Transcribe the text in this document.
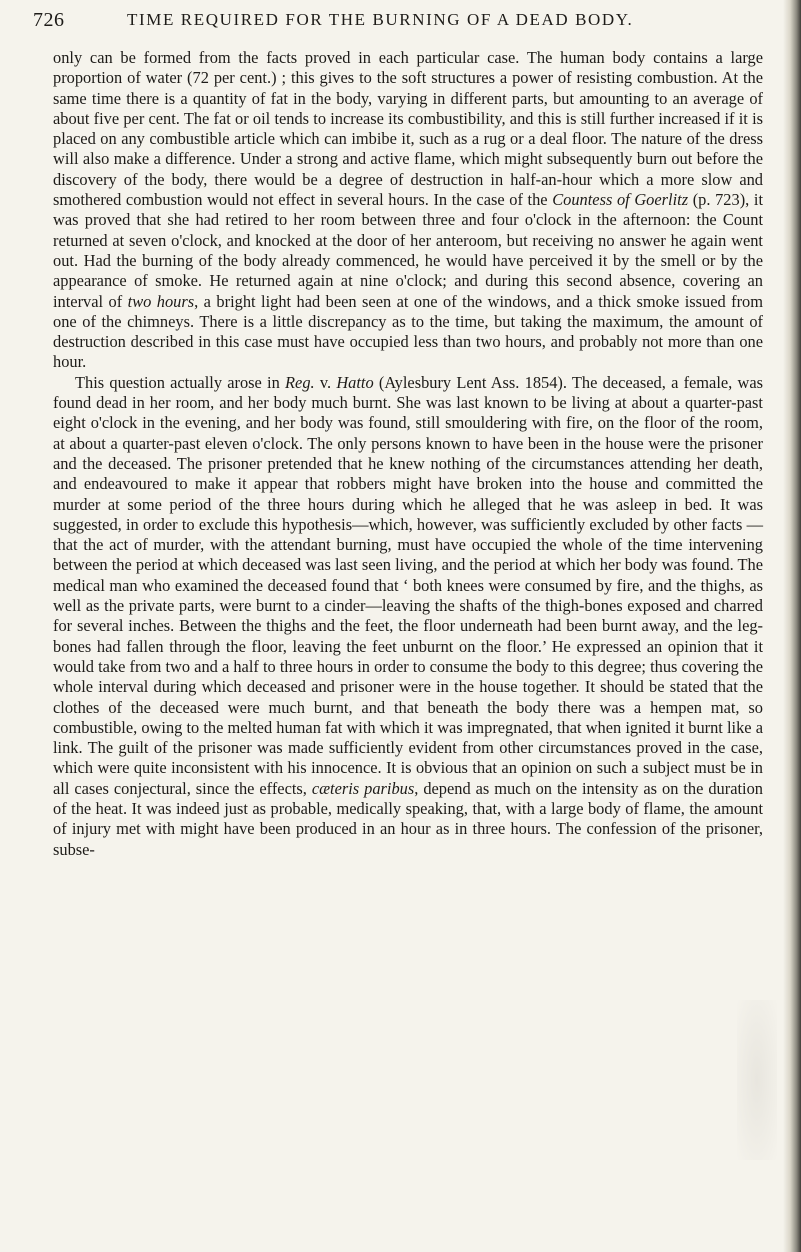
726	TIME REQUIRED FOR THE BURNING OF A DEAD BODY.

only can be formed from the facts proved in each particular case. The human body contains a large proportion of water (72 per cent.) ; this gives to the soft structures a power of resisting combustion. At the same time there is a quantity of fat in the body, varying in different parts, but amounting to an average of about five per cent. The fat or oil tends to increase its combustibility, and this is still further increased if it is placed on any combustible article which can imbibe it, such as a rug or a deal floor. The nature of the dress will also make a difference. Under a strong and active flame, which might subsequently burn out before the discovery of the body, there would be a degree of destruction in half-an-hour which a more slow and smothered combustion would not effect in several hours. In the case of the Countess of Goerlitz (p. 723), it was proved that she had retired to her room between three and four o'clock in the afternoon: the Count returned at seven o'clock, and knocked at the door of her anteroom, but receiving no answer he again went out. Had the burning of the body already commenced, he would have perceived it by the smell or by the appearance of smoke. He returned again at nine o'clock; and during this second absence, covering an interval of two hours, a bright light had been seen at one of the windows, and a thick smoke issued from one of the chimneys. There is a little discrepancy as to the time, but taking the maximum, the amount of destruction described in this case must have occupied less than two hours, and probably not more than one hour.

This question actually arose in Reg. v. Hatto (Aylesbury Lent Ass. 1854). The deceased, a female, was found dead in her room, and her body much burnt. She was last known to be living at about a quarter-past eight o'clock in the evening, and her body was found, still smouldering with fire, on the floor of the room, at about a quarter-past eleven o'clock. The only persons known to have been in the house were the prisoner and the deceased. The prisoner pretended that he knew nothing of the circumstances attending her death, and endeavoured to make it appear that robbers might have broken into the house and committed the murder at some period of the three hours during which he alleged that he was asleep in bed. It was suggested, in order to exclude this hypothesis—which, however, was sufficiently excluded by other facts —that the act of murder, with the attendant burning, must have occupied the whole of the time intervening between the period at which deceased was last seen living, and the period at which her body was found. The medical man who examined the deceased found that ‘ both knees were consumed by fire, and the thighs, as well as the private parts, were burnt to a cinder—leaving the shafts of the thigh-bones exposed and charred for several inches. Between the thighs and the feet, the floor underneath had been burnt away, and the leg-bones had fallen through the floor, leaving the feet unburnt on the floor.’ He expressed an opinion that it would take from two and a half to three hours in order to consume the body to this degree; thus covering the whole interval during which deceased and prisoner were in the house together. It should be stated that the clothes of the deceased were much burnt, and that beneath the body there was a hempen mat, so combustible, owing to the melted human fat with which it was impregnated, that when ignited it burnt like a link. The guilt of the prisoner was made sufficiently evident from other circumstances proved in the case, which were quite inconsistent with his innocence. It is obvious that an opinion on such a subject must be in all cases conjectural, since the effects, cæteris paribus, depend as much on the intensity as on the duration of the heat. It was indeed just as probable, medically speaking, that, with a large body of flame, the amount of injury met with might have been produced in an hour as in three hours. The confession of the prisoner, subse-
